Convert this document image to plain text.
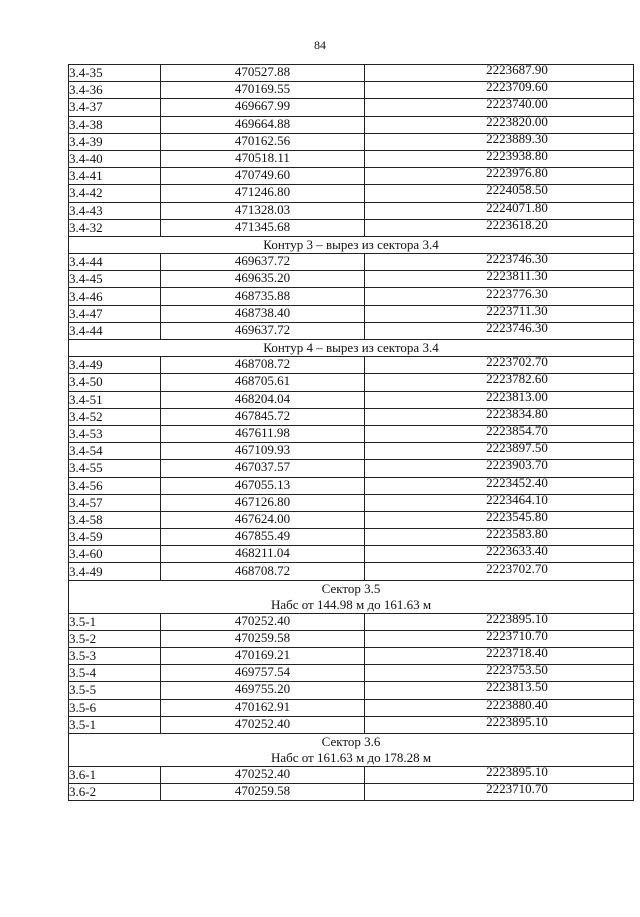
84
3.4-35	470527.88	2223687.90
3.4-36	470169.55	2223709.60
3.4-37	469667.99	2223740.00
3.4-38	469664.88	2223820.00
3.4-39	470162.56	2223889.30
3.4-40	470518.11	2223938.80
3.4-41	470749.60	2223976.80
3.4-42	471246.80	2224058.50
3.4-43	471328.03	2224071.80
3.4-32	471345.68	2223618.20
Контур 3 – вырез из сектора 3.4		
3.4-44	469637.72	2223746.30
3.4-45	469635.20	2223811.30
3.4-46	468735.88	2223776.30
3.4-47	468738.40	2223711.30
3.4-44	469637.72	2223746.30
Контур 4 – вырез из сектора 3.4		
3.4-49	468708.72	2223702.70
3.4-50	468705.61	2223782.60
3.4-51	468204.04	2223813.00
3.4-52	467845.72	2223834.80
3.4-53	467611.98	2223854.70
3.4-54	467109.93	2223897.50
3.4-55	467037.57	2223903.70
3.4-56	467055.13	2223452.40
3.4-57	467126.80	2223464.10
3.4-58	467624.00	2223545.80
3.4-59	467855.49	2223583.80
3.4-60	468211.04	2223633.40
3.4-49	468708.72	2223702.70
Сектор 3.5		
Набс от 144.98 м до 161.63 м		
3.5-1	470252.40	2223895.10
3.5-2	470259.58	2223710.70
3.5-3	470169.21	2223718.40
3.5-4	469757.54	2223753.50
3.5-5	469755.20	2223813.50
3.5-6	470162.91	2223880.40
3.5-1	470252.40	2223895.10
Сектор 3.6		
Набс от 161.63 м до 178.28 м		
3.6-1	470252.40	2223895.10
3.6-2	470259.58	2223710.70
